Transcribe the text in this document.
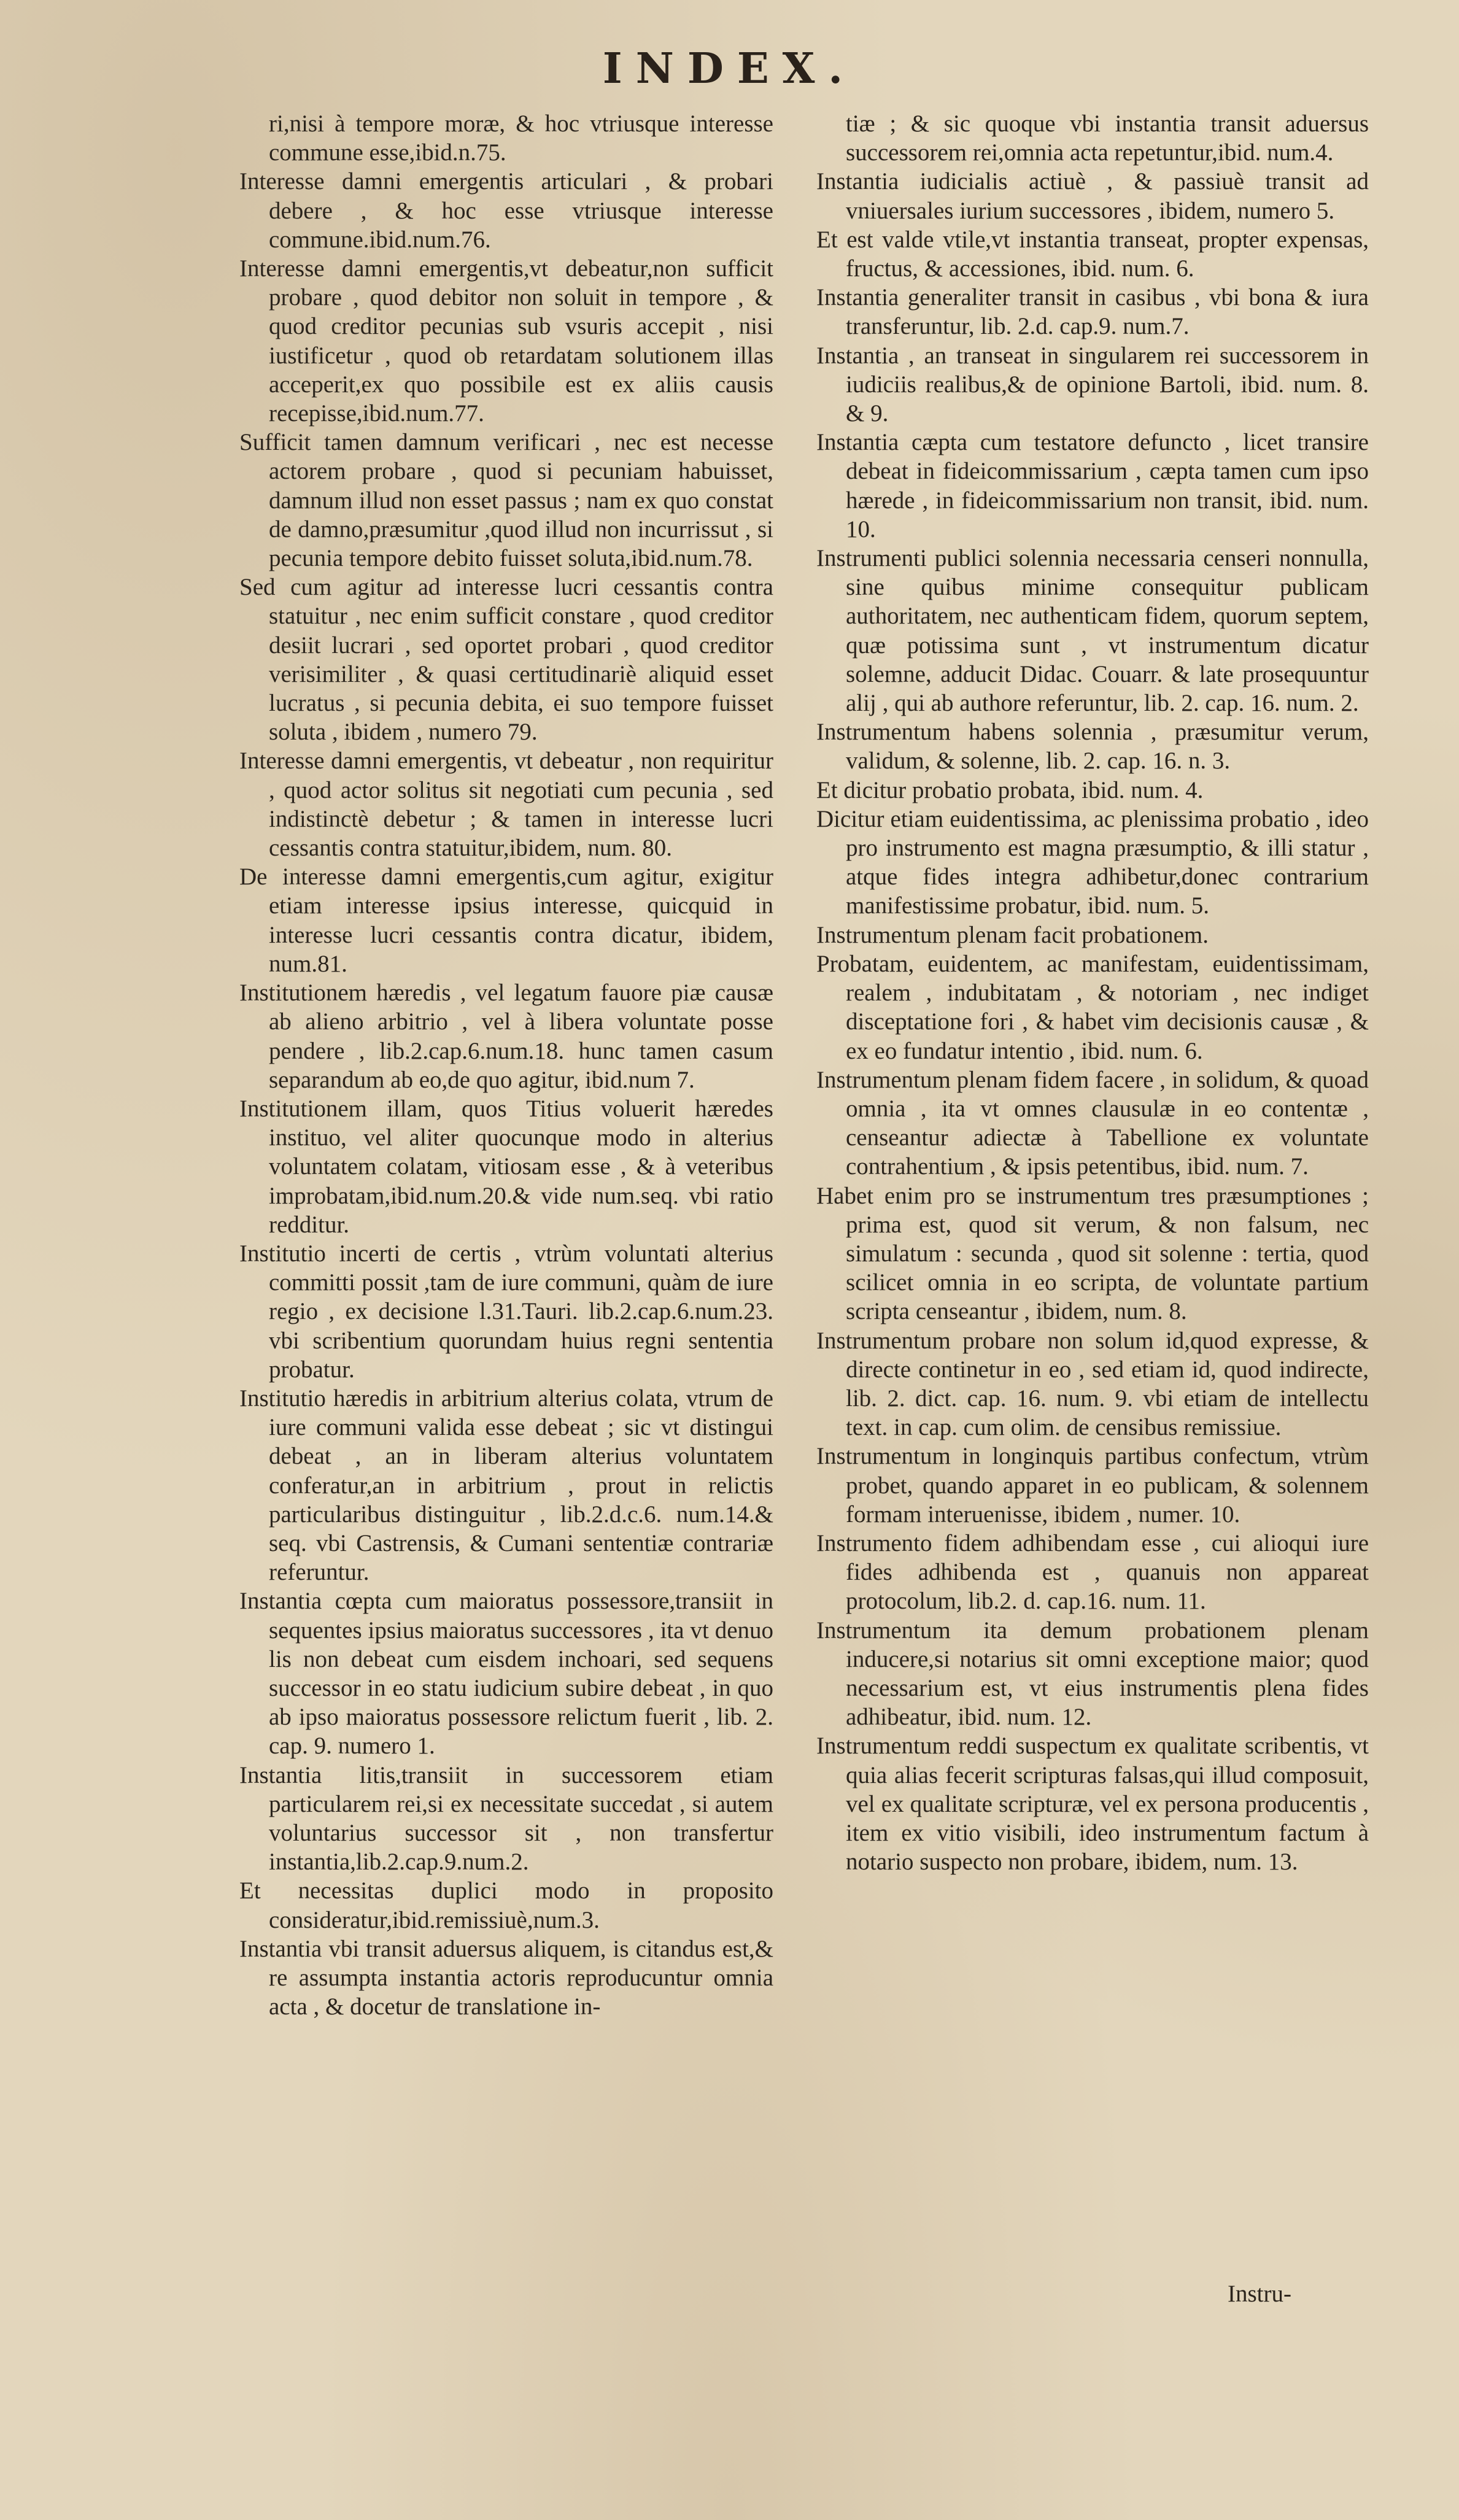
INDEX.

ri,nisi à tempore moræ, & hoc vtriusque interesse commune esse,ibid.n.75.

Interesse damni emergentis articulari , & probari debere , & hoc esse vtriusque interesse commune.ibid.num.76.

Interesse damni emergentis,vt debeatur,non sufficit probare , quod debitor non soluit in tempore , & quod creditor pecunias sub vsuris accepit , nisi iustificetur , quod ob retardatam solutionem illas acceperit,ex quo possibile est ex aliis causis recepisse,ibid.num.77.

Sufficit tamen damnum verificari , nec est necesse actorem probare , quod si pecuniam habuisset, damnum illud non esset passus ; nam ex quo constat de damno,præsumitur ,quod illud non incurrissut , si pecunia tempore debito fuisset soluta,ibid.num.78.

Sed cum agitur ad interesse lucri cessantis contra statuitur , nec enim sufficit constare , quod creditor desiit lucrari , sed oportet probari , quod creditor verisimiliter , & quasi certitudinariè aliquid esset lucratus , si pecunia debita, ei suo tempore fuisset soluta , ibidem , numero 79.

Interesse damni emergentis, vt debeatur , non requiritur , quod actor solitus sit negotiati cum pecunia , sed indistinctè debetur ; & tamen in interesse lucri cessantis contra statuitur,ibidem, num. 80.

De interesse damni emergentis,cum agitur, exigitur etiam interesse ipsius interesse, quicquid in interesse lucri cessantis contra dicatur, ibidem, num.81.

Institutionem hæredis , vel legatum fauore piæ causæ ab alieno arbitrio , vel à libera voluntate posse pendere , lib.2.cap.6.num.18. hunc tamen casum separandum ab eo,de quo agitur, ibid.num 7.

Institutionem illam, quos Titius voluerit hæredes instituo, vel aliter quocunque modo in alterius voluntatem colatam, vitiosam esse , & à veteribus improbatam,ibid.num.20.& vide num.seq. vbi ratio redditur.

Institutio incerti de certis , vtrùm voluntati alterius committi possit ,tam de iure communi, quàm de iure regio , ex decisione l.31.Tauri. lib.2.cap.6.num.23. vbi scribentium quorundam huius regni sententia probatur.

Institutio hæredis in arbitrium alterius colata, vtrum de iure communi valida esse debeat ; sic vt distingui debeat , an in liberam alterius voluntatem conferatur,an in arbitrium , prout in relictis particularibus distinguitur , lib.2.d.c.6. num.14.& seq. vbi Castrensis, & Cumani sententiæ contrariæ referuntur.

Instantia cœpta cum maioratus possessore,transiit in sequentes ipsius maioratus successores , ita vt denuo lis non debeat cum eisdem inchoari, sed sequens successor in eo statu iudicium subire debeat , in quo ab ipso maioratus possessore relictum fuerit , lib. 2. cap. 9. numero 1.

Instantia litis,transiit in successorem etiam particularem rei,si ex necessitate succedat , si autem voluntarius successor sit , non transfertur instantia,lib.2.cap.9.num.2.

Et necessitas duplici modo in proposito consideratur,ibid.remissiuè,num.3.

Instantia vbi transit aduersus aliquem, is citandus est,& re assumpta instantia actoris reproducuntur omnia acta , & docetur de translatione in-

tiæ ; & sic quoque vbi instantia transit aduersus successorem rei,omnia acta repetuntur,ibid. num.4.

Instantia iudicialis actiuè , & passiuè transit ad vniuersales iurium successores , ibidem, numero 5.

Et est valde vtile,vt instantia transeat, propter expensas, fructus, & accessiones, ibid. num. 6.

Instantia generaliter transit in casibus , vbi bona & iura transferuntur, lib. 2.d. cap.9. num.7.

Instantia , an transeat in singularem rei successorem in iudiciis realibus,& de opinione Bartoli, ibid. num. 8. & 9.

Instantia cæpta cum testatore defuncto , licet transire debeat in fideicommissarium , cæpta tamen cum ipso hærede , in fideicommissarium non transit, ibid. num. 10.

Instrumenti publici solennia necessaria censeri nonnulla, sine quibus minime consequitur publicam authoritatem, nec authenticam fidem, quorum septem, quæ potissima sunt , vt instrumentum dicatur solemne, adducit Didac. Couarr. & late prosequuntur alij , qui ab authore referuntur, lib. 2. cap. 16. num. 2.

Instrumentum habens solennia , præsumitur verum, validum, & solenne, lib. 2. cap. 16. n. 3.

Et dicitur probatio probata, ibid. num. 4.

Dicitur etiam euidentissima, ac plenissima probatio , ideo pro instrumento est magna præsumptio, & illi statur , atque fides integra adhibetur,donec contrarium manifestissime probatur, ibid. num. 5.

Instrumentum plenam facit probationem.

Probatam, euidentem, ac manifestam, euidentissimam, realem , indubitatam , & notoriam , nec indiget disceptatione fori , & habet vim decisionis causæ , & ex eo fundatur intentio , ibid. num. 6.

Instrumentum plenam fidem facere , in solidum, & quoad omnia , ita vt omnes clausulæ in eo contentæ , censeantur adiectæ à Tabellione ex voluntate contrahentium , & ipsis petentibus, ibid. num. 7.

Habet enim pro se instrumentum tres præsumptiones ; prima est, quod sit verum, & non falsum, nec simulatum : secunda , quod sit solenne : tertia, quod scilicet omnia in eo scripta, de voluntate partium scripta censeantur , ibidem, num. 8.

Instrumentum probare non solum id,quod expresse, & directe continetur in eo , sed etiam id, quod indirecte, lib. 2. dict. cap. 16. num. 9. vbi etiam de intellectu text. in cap. cum olim. de censibus remissiue.

Instrumentum in longinquis partibus confectum, vtrùm probet, quando apparet in eo publicam, & solennem formam interuenisse, ibidem , numer. 10.

Instrumento fidem adhibendam esse , cui alioqui iure fides adhibenda est , quanuis non appareat protocolum, lib.2. d. cap.16. num. 11.

Instrumentum ita demum probationem plenam inducere,si notarius sit omni exceptione maior; quod necessarium est, vt eius instrumentis plena fides adhibeatur, ibid. num. 12.

Instrumentum reddi suspectum ex qualitate scribentis, vt quia alias fecerit scripturas falsas,qui illud composuit, vel ex qualitate scripturæ, vel ex persona producentis , item ex vitio visibili, ideo instrumentum factum à notario suspecto non probare, ibidem, num. 13.

Instru-
